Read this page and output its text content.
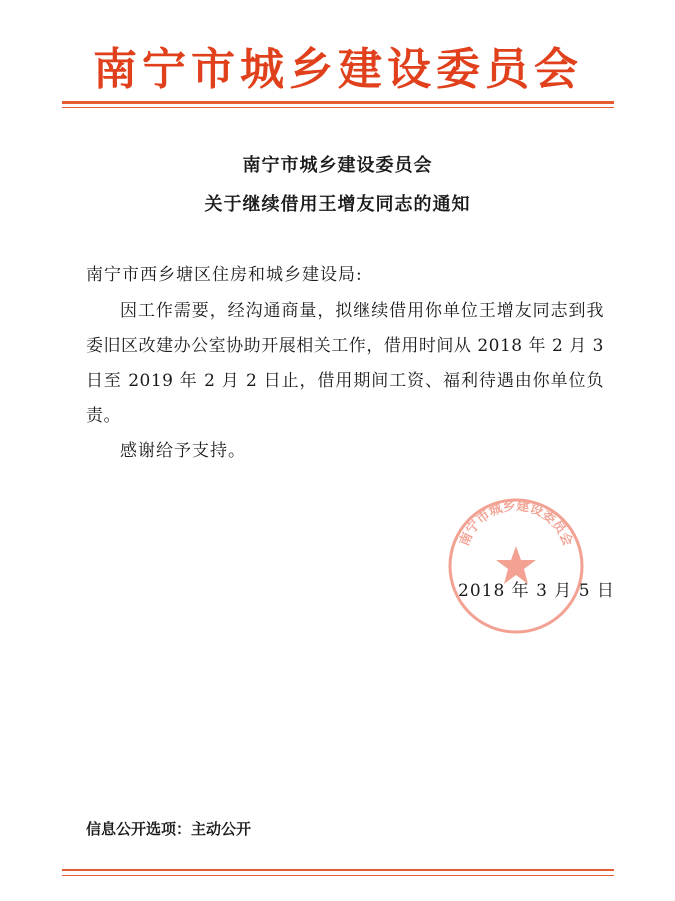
南宁市城乡建设委员会
南宁市城乡建设委员会
关于继续借用王增友同志的通知
南宁市西乡塘区住房和城乡建设局:
因工作需要，经沟通商量，拟继续借用你单位王增友同志到我委旧区改建办公室协助开展相关工作，借用时间从 2018 年 2 月 3 日至 2019 年 2 月 2 日止，借用期间工资、福利待遇由你单位负责。
感谢给予支持。
南宁市城乡建设委员会
2018 年 3 月 5 日
信息公开选项：主动公开
